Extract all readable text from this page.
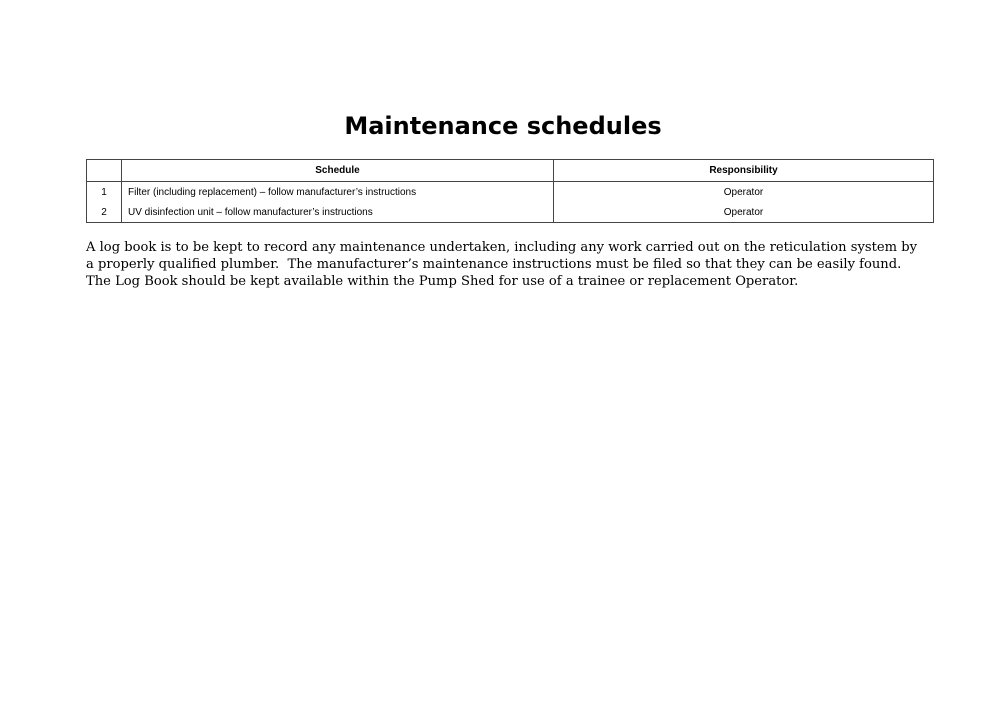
Maintenance schedules
	Schedule	Responsibility
1	Filter (including replacement) – follow manufacturer’s instructions	Operator
2	UV disinfection unit – follow manufacturer’s instructions	Operator

A log book is to be kept to record any maintenance undertaken, including any work carried out on the reticulation system by a properly qualified plumber.  The manufacturer’s maintenance instructions must be filed so that they can be easily found. The Log Book should be kept available within the Pump Shed for use of a trainee or replacement Operator.
